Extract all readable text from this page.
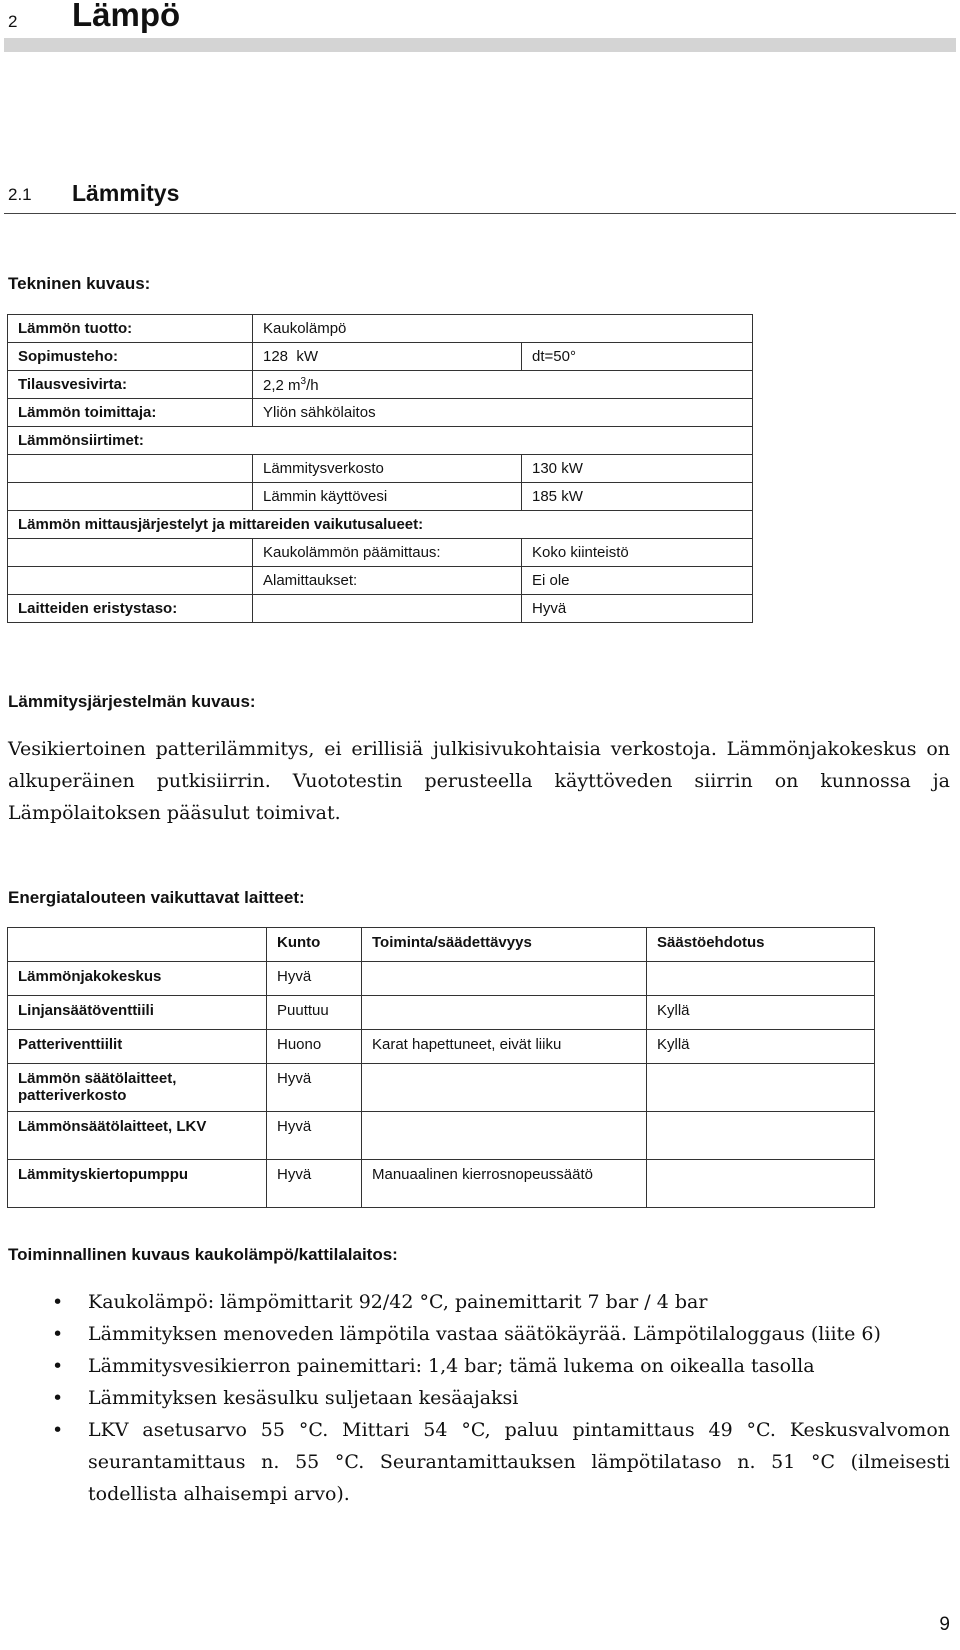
2 Lämpö
2.1 Lämmitys
Tekninen kuvaus:
Lämmön tuotto:	Kaukolämpö	
Sopimusteho:	128  kW	dt=50°
Tilausvesivirta:	2,2 $m^3/h$	
Lämmön toimittaja:	Yliön sähkölaitos	
Lämmönsiirtimet:		
	Lämmitysverkosto	130 kW
	Lämmin käyttövesi	185 kW
Lämmön mittausjärjestelyt ja mittareiden vaikutusalueet:		
	Kaukolämmön päämittaus:	Koko kiinteistö
	Alamittaukset:	Ei ole
Laitteiden eristystaso:		Hyvä
Lämmitysjärjestelmän kuvaus:
Vesikiertoinen patterilämmitys, ei erillisiä julkisivukohtaisia verkostoja. Lämmönjakokeskus on alkuperäinen putkisiirrin. Vuototestin perusteella käyttöveden siirrin on kunnossa ja Lämpölaitoksen pääsulut toimivat.
Energiatalouteen vaikuttavat laitteet:
	Kunto	Toiminta/säädettävyys	Säästöehdotus
Lämmönjakokeskus	Hyvä		
Linjansäätöventtiili	Puuttuu		Kyllä
Patteriventtiilit	Huono	Karat hapettuneet, eivät liiku	Kyllä
Lämmön säätölaitteet, patteriverkosto	Hyvä		
Lämmönsäätölaitteet, LKV	Hyvä		
Lämmityskiertopumppu	Hyvä	Manuaalinen kierrosnopeussäätö	
Toiminnallinen kuvaus kaukolämpö/kattilalaitos:
• Kaukolämpö: lämpömittarit 92/42 °C, painemittarit 7 bar / 4 bar
• Lämmityksen menoveden lämpötila vastaa säätökäyrää. Lämpötilaloggaus (liite 6)
• Lämmitysvesikierron painemittari: 1,4 bar; tämä lukema on oikealla tasolla
• Lämmityksen kesäsulku suljetaan kesäajaksi
• LKV asetusarvo 55 °C. Mittari 54 °C, paluu pintamittaus 49 °C. Keskusvalvomon seurantamittaus n. 55 °C. Seurantamittauksen lämpötilataso n. 51 °C (ilmeisesti todellista alhaisempi arvo).
9
